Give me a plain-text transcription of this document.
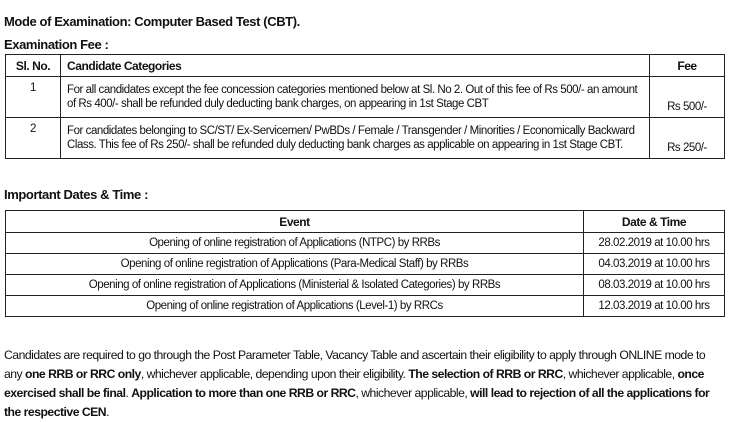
Mode of Examination: Computer Based Test (CBT).
Examination Fee :
Sl. No.	Candidate Categories	Fee
1	For all candidates except the fee concession categories mentioned below at Sl. No 2. Out of this fee of Rs 500/- an amount of Rs 400/- shall be refunded duly deducting bank charges, on appearing in 1st Stage CBT	Rs 500/-
2	For candidates belonging to SC/ST/ Ex-Servicemen/ PwBDs / Female / Transgender / Minorities / Economically Backward Class. This fee of Rs 250/- shall be refunded duly deducting bank charges as applicable on appearing in 1st Stage CBT.	Rs 250/-
Important Dates & Time :
Event	Date & Time
Opening of online registration of Applications (NTPC) by RRBs	28.02.2019 at 10.00 hrs
Opening of online registration of Applications (Para-Medical Staff) by RRBs	04.03.2019 at 10.00 hrs
Opening of online registration of Applications (Ministerial & Isolated Categories) by RRBs	08.03.2019 at 10.00 hrs
Opening of online registration of Applications (Level-1) by RRCs	12.03.2019 at 10.00 hrs
Candidates are required to go through the Post Parameter Table, Vacancy Table and ascertain their eligibility to apply through ONLINE mode to any one RRB or RRC only, whichever applicable, depending upon their eligibility. The selection of RRB or RRC, whichever applicable, once exercised shall be final. Application to more than one RRB or RRC, whichever applicable, will lead to rejection of all the applications for the respective CEN.
